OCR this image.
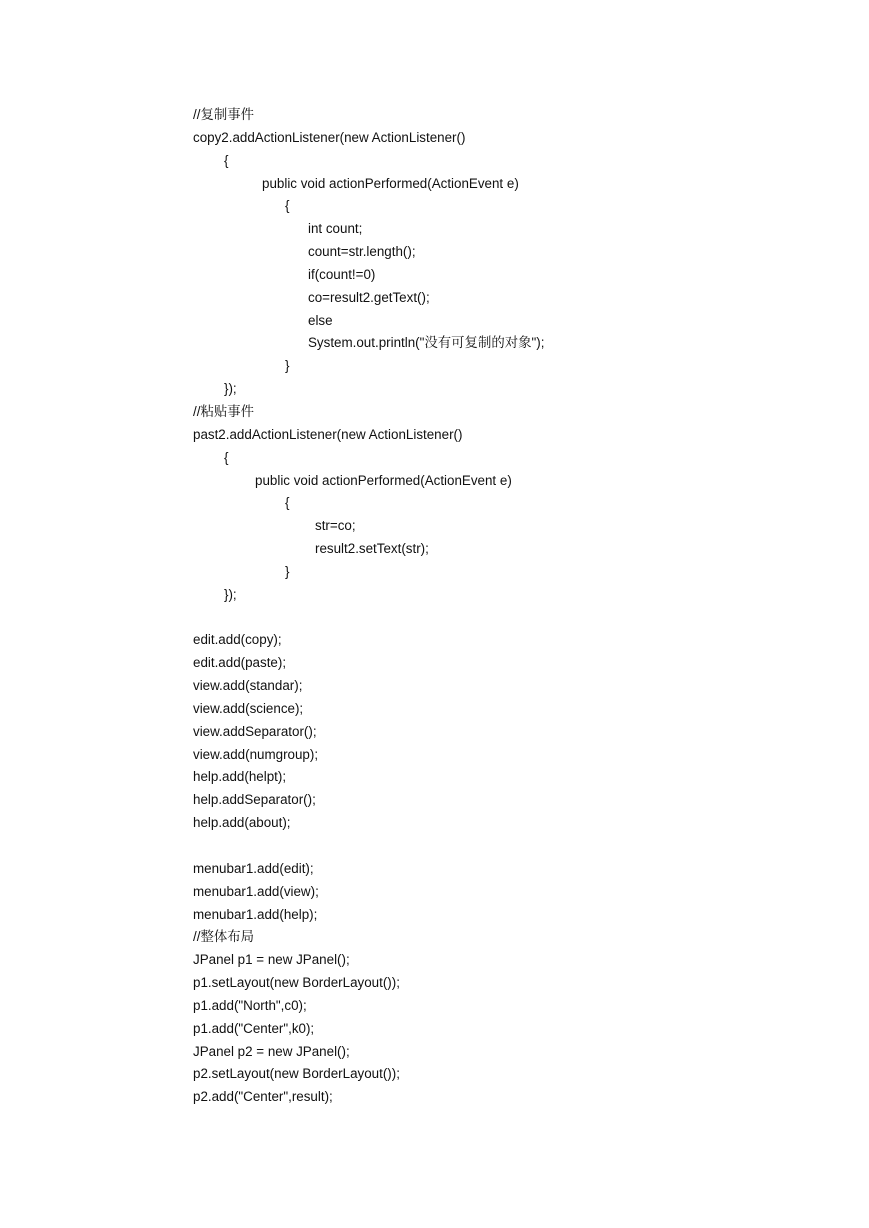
//复制事件
copy2.addActionListener(new ActionListener()
{
public void actionPerformed(ActionEvent e)
{
int count;
count=str.length();
if(count!=0)
co=result2.getText();
else
System.out.println("没有可复制的对象");
}
});
//粘贴事件
past2.addActionListener(new ActionListener()
{
public void actionPerformed(ActionEvent e)
{
str=co;
result2.setText(str);
}
});
edit.add(copy);
edit.add(paste);
view.add(standar);
view.add(science);
view.addSeparator();
view.add(numgroup);
help.add(helpt);
help.addSeparator();
help.add(about);
menubar1.add(edit);
menubar1.add(view);
menubar1.add(help);
//整体布局
JPanel p1 = new JPanel();
p1.setLayout(new BorderLayout());
p1.add("North",c0);
p1.add("Center",k0);
JPanel p2 = new JPanel();
p2.setLayout(new BorderLayout());
p2.add("Center",result);
